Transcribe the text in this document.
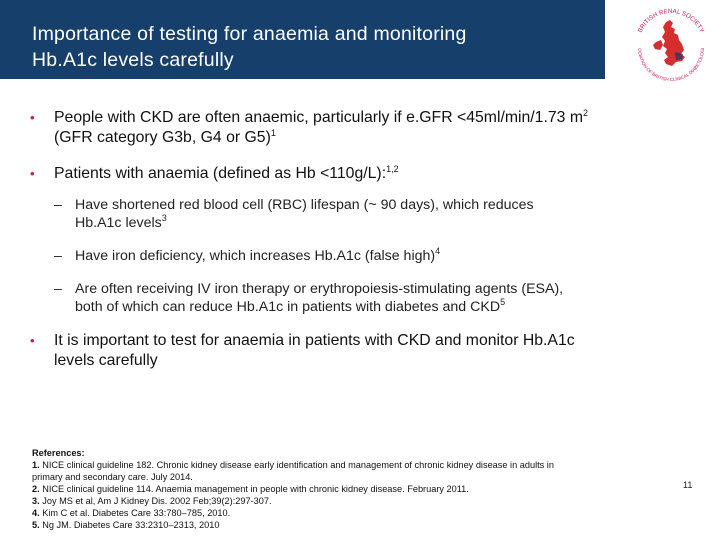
Importance of testing for anaemia and monitoring
Hb.A1c levels carefully
BRITISH RENAL SOCIETY
OCIATION OF BRITISH CLINICAL DIABETOLOGI
• People with CKD are often anaemic, particularly if e.GFR <45ml/min/1.73 $m^2$
(GFR category G3b, G4 or G5)$^1$
• Patients with anaemia (defined as Hb <110g/L):$^{1,2}$
– Have shortened red blood cell (RBC) lifespan (~ 90 days), which reduces
Hb.A1c levels$^3$
– Have iron deficiency, which increases Hb.A1c (false high)$^4$
– Are often receiving IV iron therapy or erythropoiesis-stimulating agents (ESA),
both of which can reduce Hb.A1c in patients with diabetes and CKD$^5$
• It is important to test for anaemia in patients with CKD and monitor Hb.A1c
levels carefully
References:
1. NICE clinical guideline 182. Chronic kidney disease early identification and management of chronic kidney disease in adults in
primary and secondary care. July 2014.
2. NICE clinical guideline 114. Anaemia management in people with chronic kidney disease. February 2011.
3. Joy MS et al, Am J Kidney Dis. 2002 Feb;39(2):297-307.
4. Kim C et al. Diabetes Care 33:780–785, 2010.
5. Ng JM. Diabetes Care 33:2310–2313, 2010
11
